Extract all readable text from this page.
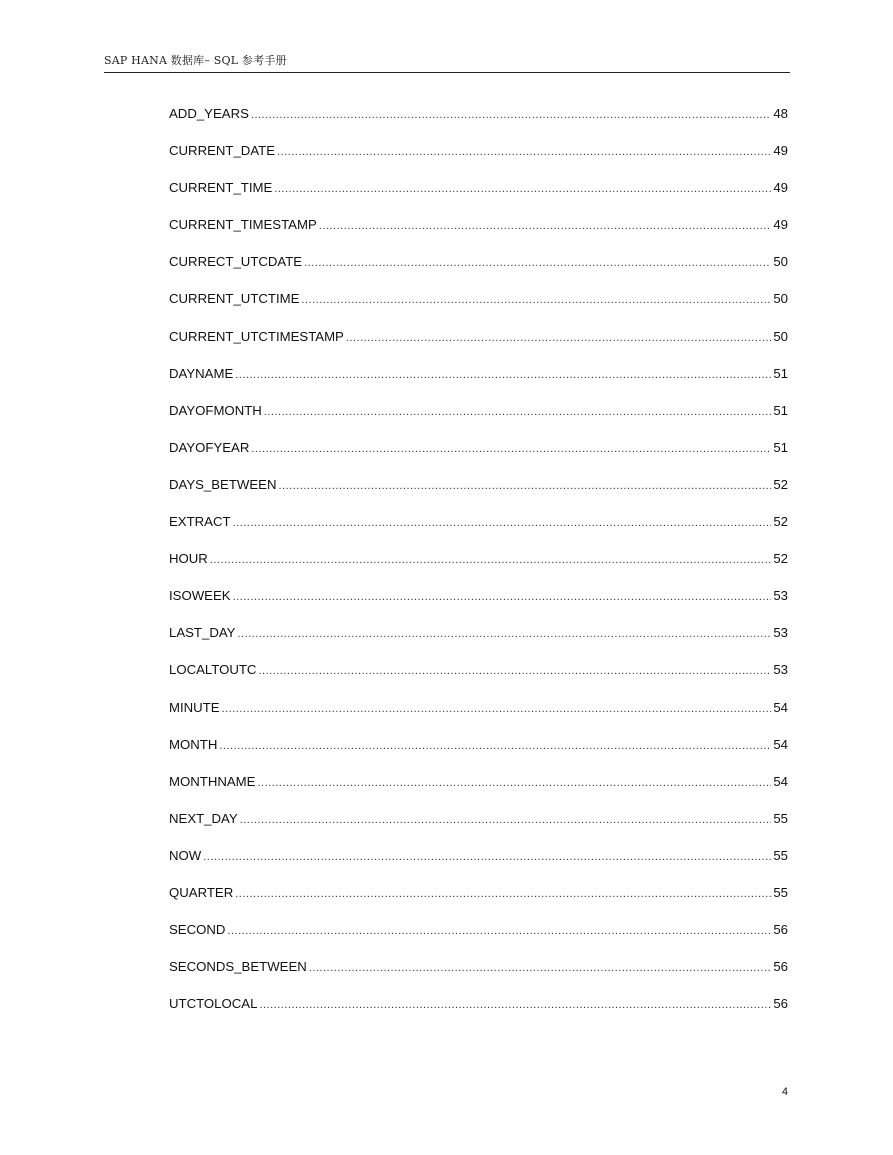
SAP HANA 数据库– SQL 参考手册
ADD_YEARS .....	48
CURRENT_DATE .....	49
CURRENT_TIME .....	49
CURRENT_TIMESTAMP .....	49
CURRECT_UTCDATE .....	50
CURRENT_UTCTIME .....	50
CURRENT_UTCTIMESTAMP .....	50
DAYNAME .....	51
DAYOFMONTH .....	51
DAYOFYEAR .....	51
DAYS_BETWEEN .....	52
EXTRACT .....	52
HOUR .....	52
ISOWEEK .....	53
LAST_DAY .....	53
LOCALTOUTC .....	53
MINUTE .....	54
MONTH .....	54
MONTHNAME .....	54
NEXT_DAY .....	55
NOW .....	55
QUARTER .....	55
SECOND .....	56
SECONDS_BETWEEN .....	56
UTCTOLOCAL .....	56
4
